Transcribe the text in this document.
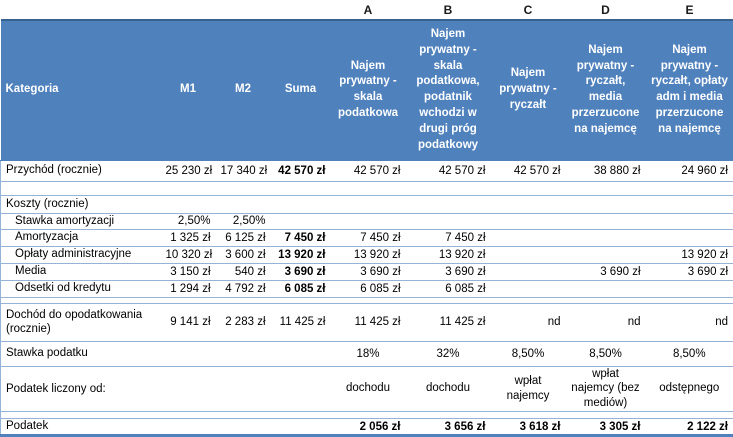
				A	B	C	D	E
Kategoria	M1	M2	Suma	Najem prywatny - skala podatkowa	Najem prywatny - skala podatkowa, podatnik wchodzi w drugi próg podatkowy	Najem prywatny - ryczałt	Najem prywatny - ryczałt, media przerzucone na najemcę	Najem prywatny - ryczałt, opłaty adm i media przerzucone na najemcę
Przychód (rocznie)	25 230 zł	17 340 zł	42 570 zł	42 570 zł	42 570 zł	42 570 zł	38 880 zł	24 960 zł

Koszty (rocznie)								
Stawka amortyzacji	2,50%	2,50%						
Amortyzacja	1 325 zł	6 125 zł	7 450 zł	7 450 zł	7 450 zł			
Opłaty administracyjne	10 320 zł	3 600 zł	13 920 zł	13 920 zł	13 920 zł			13 920 zł
Media	3 150 zł	540 zł	3 690 zł	3 690 zł	3 690 zł		3 690 zł	3 690 zł
Odsetki od kredytu	1 294 zł	4 792 zł	6 085 zł	6 085 zł	6 085 zł			

Dochód do opodatkowania (rocznie)	9 141 zł	2 283 zł	11 425 zł	11 425 zł	11 425 zł	nd	nd	nd
Stawka podatku				18%	32%	8,50%	8,50%	8,50%
Podatek liczony od:				dochodu	dochodu	wpłat najemcy	wpłat najemcy (bez mediów)	odstępnego

Podatek				2 056 zł	3 656 zł	3 618 zł	3 305 zł	2 122 zł
